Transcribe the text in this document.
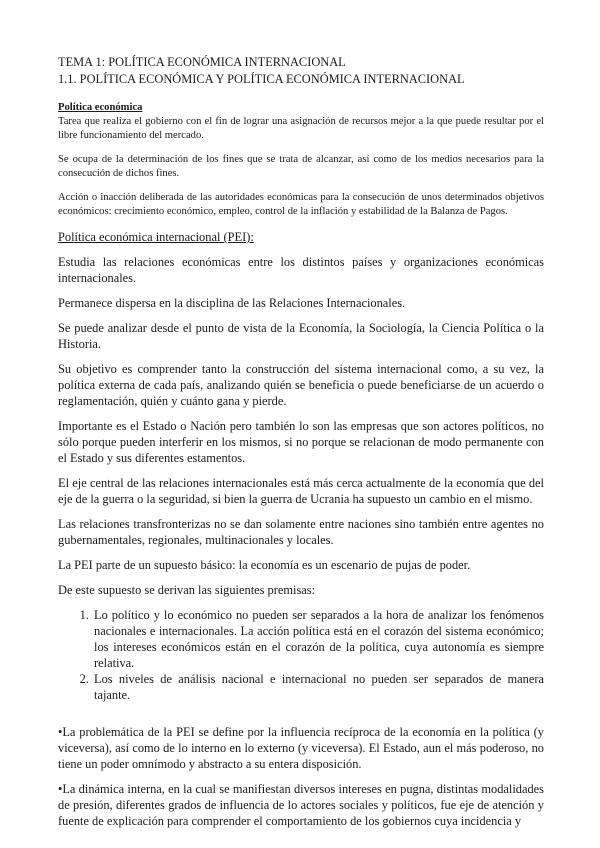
TEMA 1: POLÍTICA ECONÓMICA INTERNACIONAL

1.1. POLÍTICA ECONÓMICA Y POLÍTICA ECONÓMICA INTERNACIONAL

Política económica

Tarea que realiza el gobierno con el fin de lograr una asignación de recursos mejor a la que puede resultar por el libre funcionamiento del mercado.

Se ocupa de la determinación de los fines que se trata de alcanzar, así como de los medios necesarios para la consecución de dichos fines.

Acción o inacción deliberada de las autoridades económicas para la consecución de unos determinados objetivos económicos: crecimiento económico, empleo, control de la inflación y estabilidad de la Balanza de Pagos.

Política económica internacional (PEI):

Estudia las relaciones económicas entre los distintos países y organizaciones económicas internacionales.

Permanece dispersa en la disciplina de las Relaciones Internacionales.

Se puede analizar desde el punto de vista de la Economía, la Sociología, la Ciencia Política o la Historia.

Su objetivo es comprender tanto la construcción del sistema internacional como, a su vez, la política externa de cada país, analizando quién se beneficia o puede beneficiarse de un acuerdo o reglamentación, quién y cuánto gana y pierde.

Importante es el Estado o Nación pero también lo son las empresas que son actores políticos, no sólo porque pueden interferir en los mismos, si no porque se relacionan de modo permanente con el Estado y sus diferentes estamentos.

El eje central de las relaciones internacionales está más cerca actualmente de la economía que del eje de la guerra o la seguridad, si bien la guerra de Ucrania ha supuesto un cambio en el mismo.

Las relaciones transfronterizas no se dan solamente entre naciones sino también entre agentes no gubernamentales, regionales, multinacionales y locales.

La PEI parte de un supuesto básico: la economía es un escenario de pujas de poder.

De este supuesto se derivan las siguientes premisas:

1. Lo político y lo económico no pueden ser separados a la hora de analizar los fenómenos nacionales e internacionales. La acción política está en el corazón del sistema económico; los intereses económicos están en el corazón de la política, cuya autonomía es siempre relativa.
2. Los niveles de análisis nacional e internacional no pueden ser separados de manera tajante.

•La problemática de la PEI se define por la influencia recíproca de la economía en la política (y viceversa), así como de lo interno en lo externo (y viceversa). El Estado, aun el más poderoso, no tiene un poder omnímodo y abstracto a su entera disposición.

•La dinámica interna, en la cual se manifiestan diversos intereses en pugna, distintas modalidades de presión, diferentes grados de influencia de lo actores sociales y políticos, fue eje de atención y fuente de explicación para comprender el comportamiento de los gobiernos cuya incidencia y
